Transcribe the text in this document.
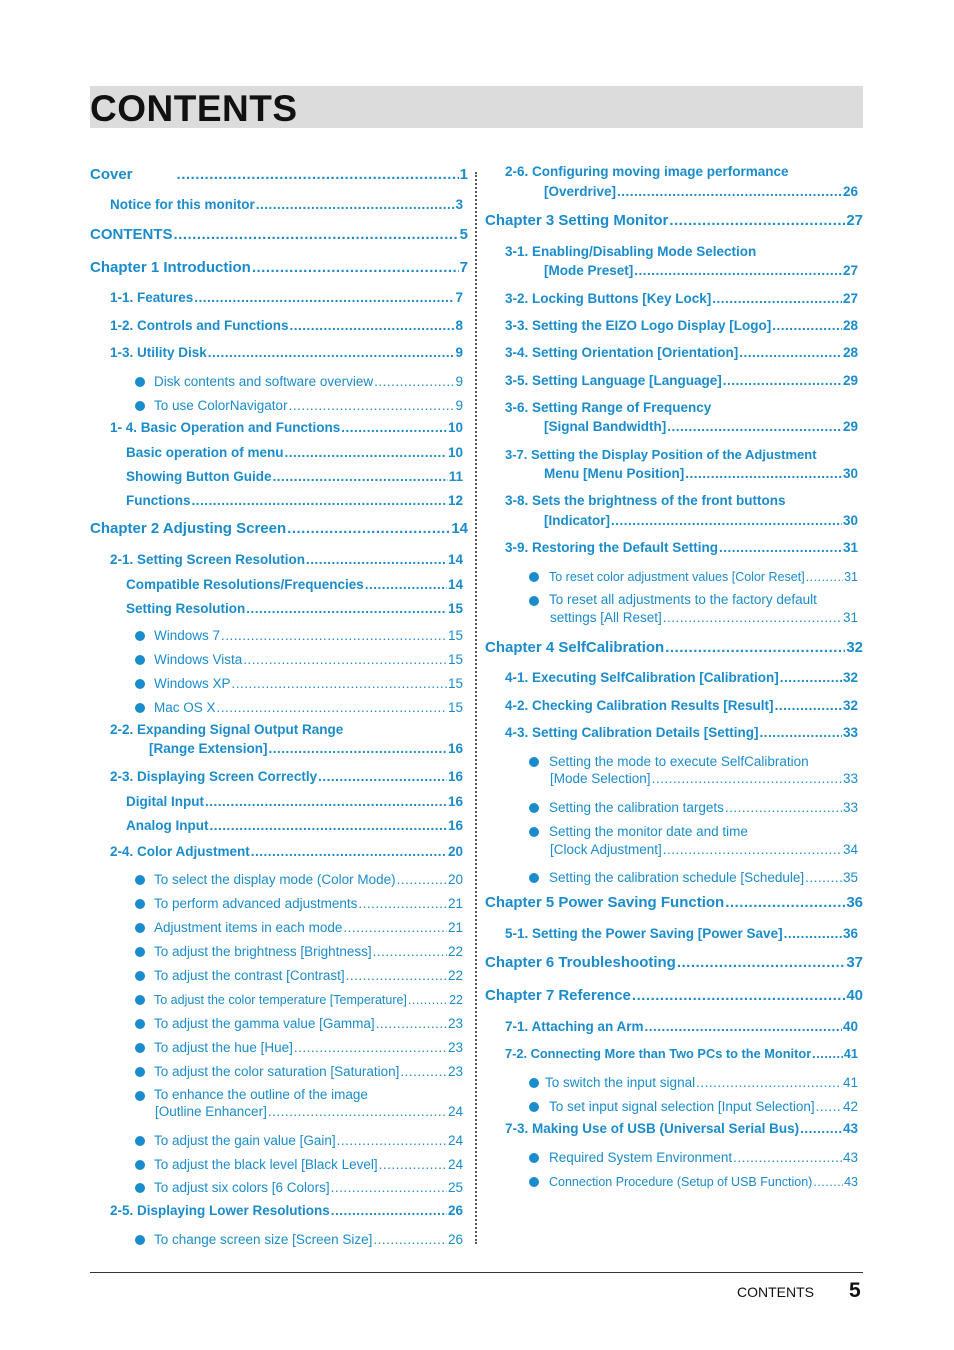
CONTENTS
Cover .....	1
Notice for this monitor .....	3
CONTENTS .....	5
Chapter 1 Introduction .....	7
1-1. Features .....	7
1-2. Controls and Functions .....	8
1-3. Utility Disk .....	9
Disk contents and software overview .....	9
To use ColorNavigator .....	9
1- 4. Basic Operation and Functions .....	10
Basic operation of menu .....	10
Showing Button Guide .....	11
Functions .....	12
Chapter 2 Adjusting Screen .....	14
2-1. Setting Screen Resolution .....	14
Compatible Resolutions/Frequencies .....	14
Setting Resolution .....	15
Windows 7 .....	15
Windows Vista .....	15
Windows XP .....	15
Mac OS X .....	15
2-2. Expanding Signal Output Range
[Range Extension] .....	16
2-3. Displaying Screen Correctly .....	16
Digital Input .....	16
Analog Input .....	16
2-4. Color Adjustment .....	20
To select the display mode (Color Mode) .....	20
To perform advanced adjustments .....	21
Adjustment items in each mode .....	21
To adjust the brightness [Brightness] .....	22
To adjust the contrast [Contrast] .....	22
To adjust the color temperature [Temperature] .....	22
To adjust the gamma value [Gamma] .....	23
To adjust the hue [Hue] .....	23
To adjust the color saturation [Saturation] .....	23
To enhance the outline of the image
[Outline Enhancer] .....	24
To adjust the gain value [Gain] .....	24
To adjust the black level [Black Level] .....	24
To adjust six colors [6 Colors] .....	25
2-5. Displaying Lower Resolutions .....	26
To change screen size [Screen Size] .....	26
2-6. Configuring moving image performance
[Overdrive] .....	26
Chapter 3 Setting Monitor .....	27
3-1. Enabling/Disabling Mode Selection
[Mode Preset] .....	27
3-2. Locking Buttons [Key Lock] .....	27
3-3. Setting the EIZO Logo Display [Logo] .....	28
3-4. Setting Orientation [Orientation] .....	28
3-5. Setting Language [Language] .....	29
3-6. Setting Range of Frequency
[Signal Bandwidth] .....	29
3-7. Setting the Display Position of the Adjustment
Menu [Menu Position] .....	30
3-8. Sets the brightness of the front buttons
[Indicator] .....	30
3-9. Restoring the Default Setting .....	31
To reset color adjustment values [Color Reset] .....	31
To reset all adjustments to the factory default
settings [All Reset] .....	31
Chapter 4 SelfCalibration .....	32
4-1. Executing SelfCalibration [Calibration] .....	32
4-2. Checking Calibration Results [Result] .....	32
4-3. Setting Calibration Details [Setting] .....	33
Setting the mode to execute SelfCalibration
[Mode Selection] .....	33
Setting the calibration targets .....	33
Setting the monitor date and time
[Clock Adjustment] .....	34
Setting the calibration schedule [Schedule] .....	35
Chapter 5 Power Saving Function .....	36
5-1. Setting the Power Saving [Power Save] .....	36
Chapter 6 Troubleshooting .....	37
Chapter 7 Reference .....	40
7-1. Attaching an Arm .....	40
7-2. Connecting More than Two PCs to the Monitor .....	41
To switch the input signal .....	41
To set input signal selection [Input Selection] ..... 42
7-3. Making Use of USB (Universal Serial Bus) .....	43
Required System Environment .....	43
Connection Procedure (Setup of USB Function) .....	43
CONTENTS 5
